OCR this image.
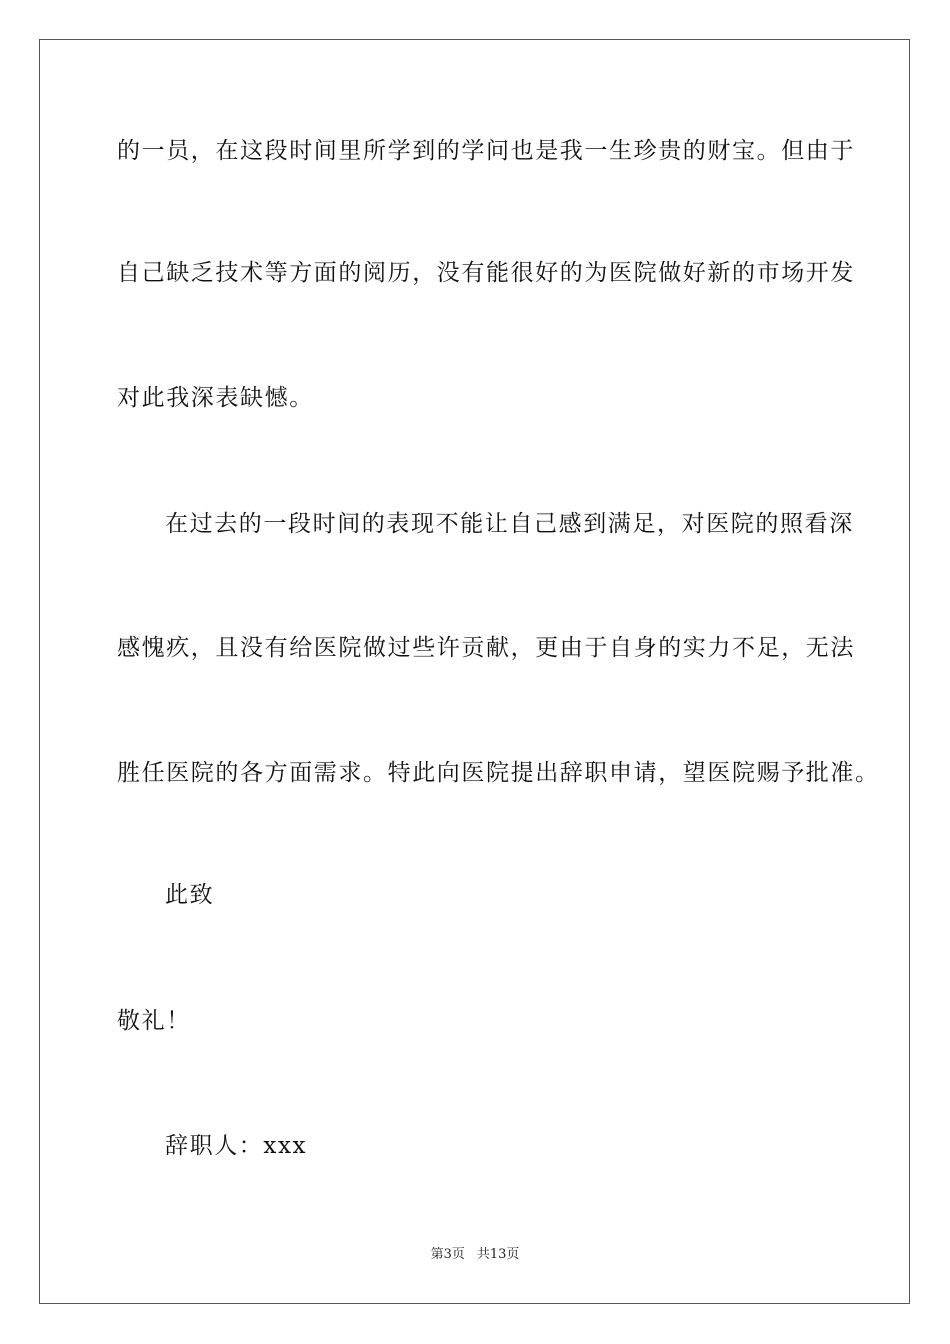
的一员，在这段时间里所学到的学问也是我一生珍贵的财宝。但由于
自己缺乏技术等方面的阅历，没有能很好的为医院做好新的市场开发
对此我深表缺憾。
在过去的一段时间的表现不能让自己感到满足，对医院的照看深
感愧疚，且没有给医院做过些许贡献，更由于自身的实力不足，无法
胜任医院的各方面需求。特此向医院提出辞职申请，望医院赐予批准。
此致
敬礼！
辞职人：xxx
第3页 共13页
